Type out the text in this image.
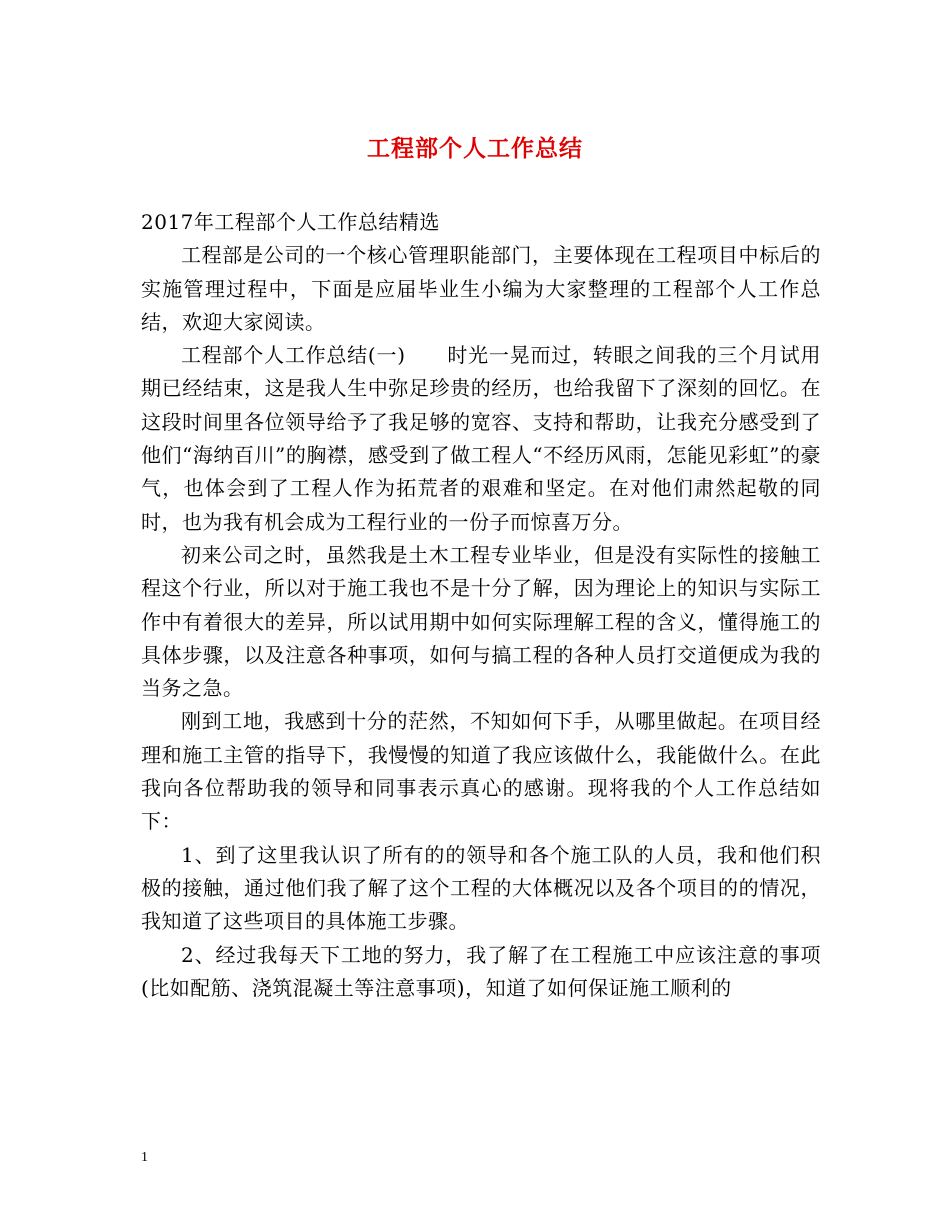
工程部个人工作总结

2017年工程部个人工作总结精选

工程部是公司的一个核心管理职能部门，主要体现在工程项目中标后的实施管理过程中，下面是应届毕业生小编为大家整理的工程部个人工作总结，欢迎大家阅读。

工程部个人工作总结(一)　　时光一晃而过，转眼之间我的三个月试用期已经结束，这是我人生中弥足珍贵的经历，也给我留下了深刻的回忆。在这段时间里各位领导给予了我足够的宽容、支持和帮助，让我充分感受到了他们“海纳百川”的胸襟，感受到了做工程人“不经历风雨，怎能见彩虹”的豪气，也体会到了工程人作为拓荒者的艰难和坚定。在对他们肃然起敬的同时，也为我有机会成为工程行业的一份子而惊喜万分。

初来公司之时，虽然我是土木工程专业毕业，但是没有实际性的接触工程这个行业，所以对于施工我也不是十分了解，因为理论上的知识与实际工作中有着很大的差异，所以试用期中如何实际理解工程的含义，懂得施工的具体步骤，以及注意各种事项，如何与搞工程的各种人员打交道便成为我的当务之急。

刚到工地，我感到十分的茫然，不知如何下手，从哪里做起。在项目经理和施工主管的指导下，我慢慢的知道了我应该做什么，我能做什么。在此我向各位帮助我的领导和同事表示真心的感谢。现将我的个人工作总结如下：

1、到了这里我认识了所有的的领导和各个施工队的人员，我和他们积极的接触，通过他们我了解了这个工程的大体概况以及各个项目的的情况，我知道了这些项目的具体施工步骤。

2、经过我每天下工地的努力，我了解了在工程施工中应该注意的事项(比如配筋、浇筑混凝土等注意事项)，知道了如何保证施工顺利的

1
